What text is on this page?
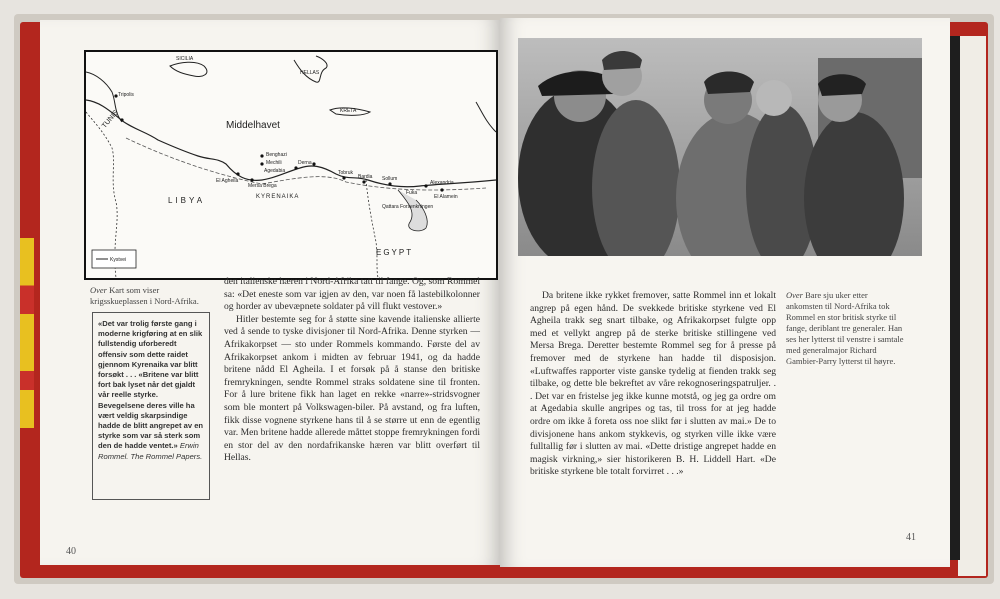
Middelhavet
TUNIS
LIBYA
EGYPT
KYRENAIKA
SICILIA
HELLAS
KRETA
Tripolis
Benghazi
Mechili	Derna
Tobruk
Bardia
El Agheila
Mersa Brega
Agedabia
Sollum
Fuka
Alexandria
El Alamein
Qattara Forsenkningen
Kystvei
Over Kart som viser krigsskueplassen i Nord-Afrika.
«Det var trolig første gang i moderne krigføring at en slik fullstendig uforberedt offensiv som dette raidet gjennom Kyrenaika var blitt forsøkt . . . «Britene var blitt fort bak lyset når det gjaldt vår reelle styrke. Bevegelsene deres ville ha vært veldig skarpsindige hadde de blitt angrepet av en styrke som var så sterk som den de hadde ventet.» Erwin Rommel. The Rommel Papers.

den italienske hæren i Nord-Afrika tatt til fange. Og, som Rommel sa: «Det eneste som var igjen av den, var noen få lastebilkolonner og horder av ubevæpnete soldater på vill flukt vestover.»

Hitler bestemte seg for å støtte sine kavende italienske allierte ved å sende to tyske divisjoner til Nord-Afrika. Denne styrken — Afrikakorpset — sto under Rommels kommando. Første del av Afrikakorpset ankom i midten av februar 1941, og da hadde britene nådd El Agheila. I et forsøk på å stanse den britiske fremrykningen, sendte Rommel straks soldatene sine til fronten. For å lure britene fikk han laget en rekke «narre»-stridsvogner som ble montert på Volkswagen-biler. På avstand, og fra luften, fikk disse vognene styrkene hans til å se større ut enn de egentlig var. Men britene hadde allerede måttet stoppe fremrykningen fordi en stor del av den nordafrikanske hæren var blitt overført til Hellas.

40
Da britene ikke rykket fremover, satte Rommel inn et lokalt angrep på egen hånd. De svekkede britiske styrkene ved El Agheila trakk seg snart tilbake, og Afrikakorpset fulgte opp med et vellykt angrep på de sterke britiske stillingene ved Mersa Brega. Deretter bestemte Rommel seg for å presse på fremover med de styrkene han hadde til disposisjon. «Luftwaffes rapporter viste ganske tydelig at fienden trakk seg tilbake, og dette ble bekreftet av våre rekognoseringspatruljer. . . Det var en fristelse jeg ikke kunne motstå, og jeg ga ordre om at Agedabia skulle angripes og tas, til tross for at jeg hadde ordre om ikke å foreta oss noe slikt før i slutten av mai.» De to divisjonene hans ankom stykkevis, og styrken ville ikke være fulltallig før i slutten av mai. «Dette dristige angrepet hadde en magisk virkning,» sier historikeren B. H. Liddell Hart. «De britiske styrkene ble totalt forvirret . . .»
Over Bare sju uker etter ankomsten til Nord-Afrika tok Rommel en stor britisk styrke til fange, deriblant tre generaler. Han ses her lytterst til venstre i samtale med generalmajor Richard Gambier-Parry lytterst til høyre.
41
